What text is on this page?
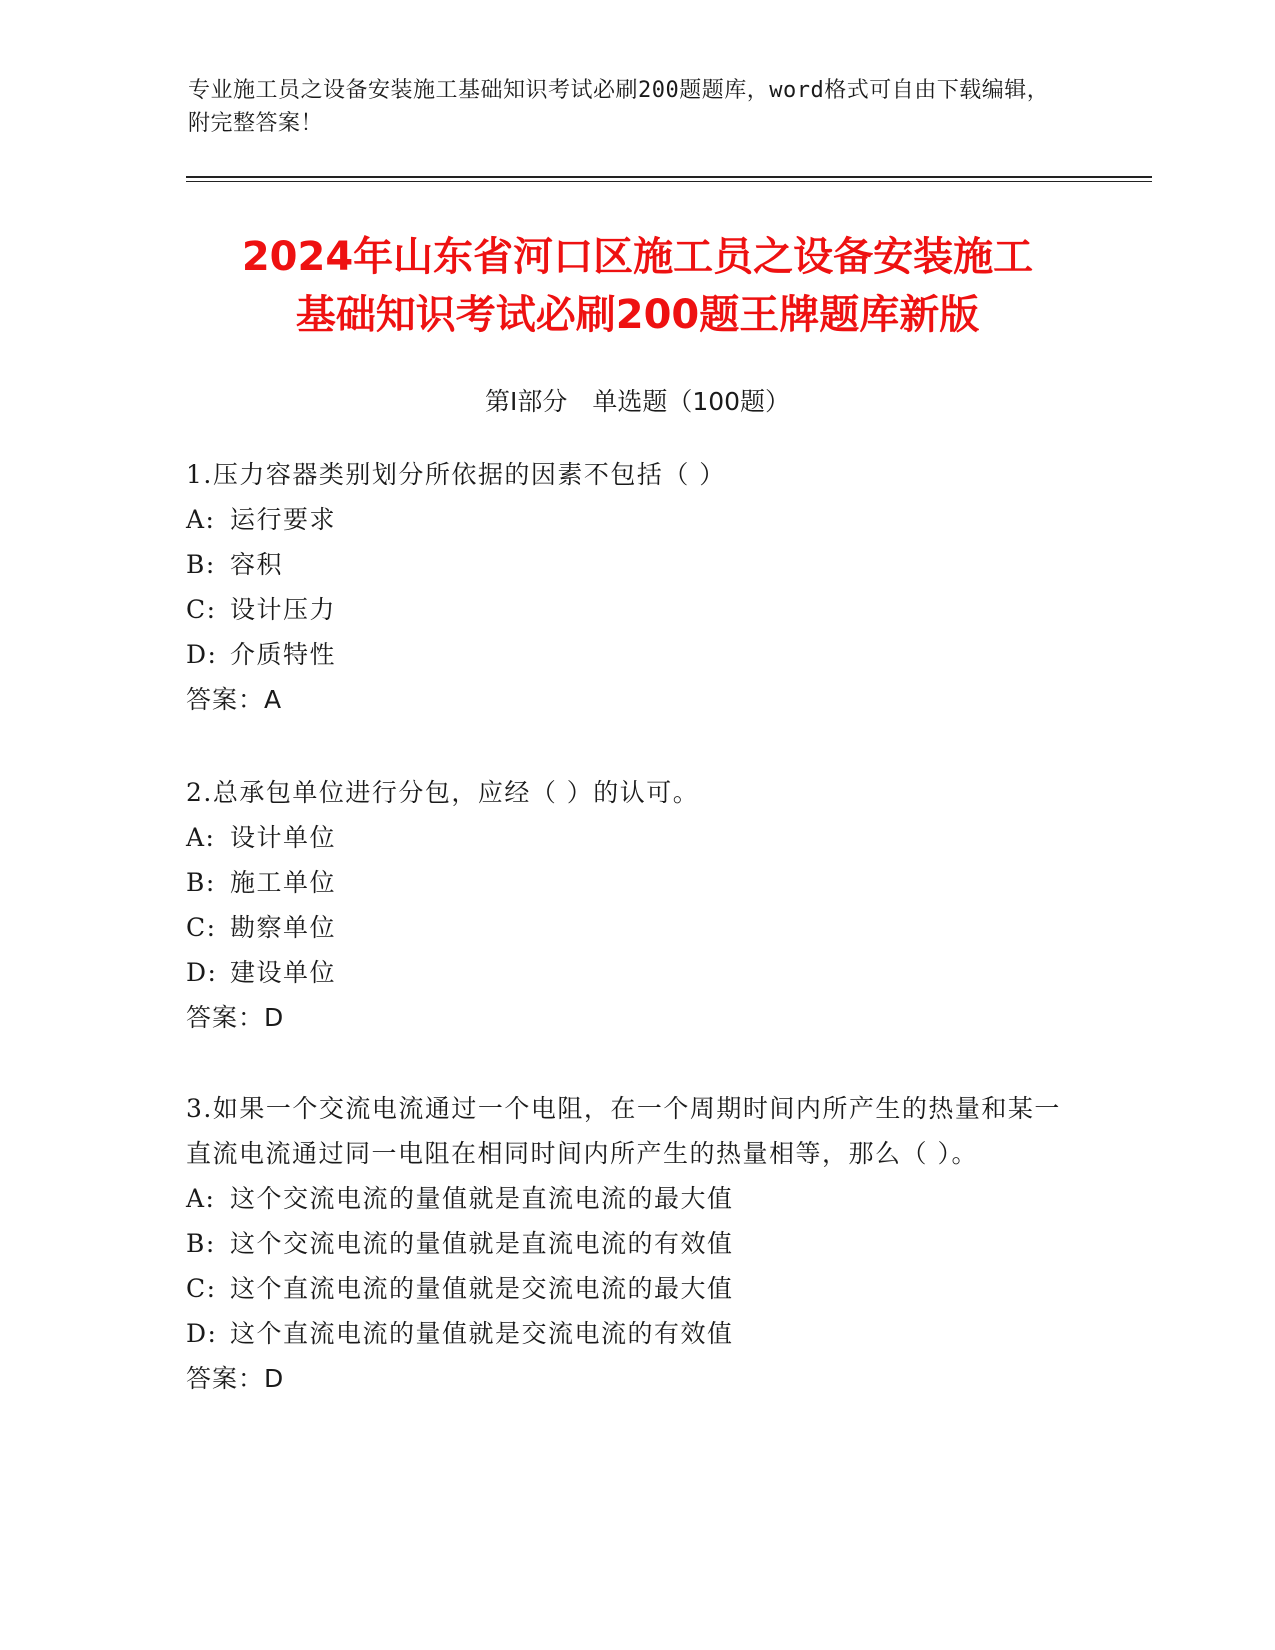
专业施工员之设备安装施工基础知识考试必刷200题题库，word格式可自由下载编辑，附完整答案！
2024年山东省河口区施工员之设备安装施工
基础知识考试必刷200题王牌题库新版
第I部分　单选题（100题）
1.压力容器类别划分所依据的因素不包括（ ）
A: 运行要求
B: 容积
C: 设计压力
D: 介质特性
答案：A
2.总承包单位进行分包，应经（ ）的认可。
A: 设计单位
B: 施工单位
C: 勘察单位
D: 建设单位
答案：D
3.如果一个交流电流通过一个电阻，在一个周期时间内所产生的热量和某一直流电流通过同一电阻在相同时间内所产生的热量相等，那么（ ）。
A: 这个交流电流的量值就是直流电流的最大值
B: 这个交流电流的量值就是直流电流的有效值
C: 这个直流电流的量值就是交流电流的最大值
D: 这个直流电流的量值就是交流电流的有效值
答案：D
